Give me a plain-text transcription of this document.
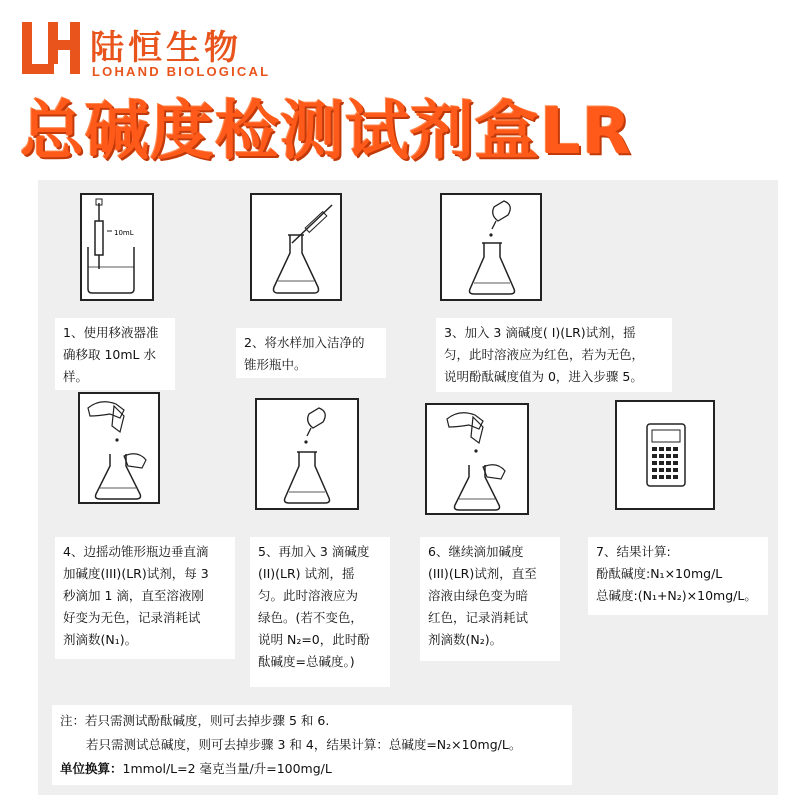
陆恒生物
LOHAND BIOLOGICAL
总碱度检测试剂盒LR
10mL
1、使用移液器准
确移取 10mL 水
样。
2、将水样加入洁净的
锥形瓶中。
3、加入 3 滴碱度( Ⅰ)(LR)试剂，摇
匀，此时溶液应为红色，若为无色，
说明酚酞碱度值为 0，进入步骤 5。
4、边摇动锥形瓶边垂直滴
加碱度(III)(LR)试剂，每 3
秒滴加 1 滴，直至溶液刚
好变为无色，记录消耗试
剂滴数(N₁)。
5、再加入 3 滴碱度
(II)(LR) 试剂，摇
匀。此时溶液应为
绿色。(若不变色，
说明 N₂=0，此时酚
酞碱度=总碱度。)
6、继续滴加碱度
(III)(LR)试剂，直至
溶液由绿色变为暗
红色，记录消耗试
剂滴数(N₂)。
7、结果计算:
酚酞碱度:N₁×10mg/L
总碱度:(N₁+N₂)×10mg/L。
注：若只需测试酚酞碱度，则可去掉步骤 5 和 6.
若只需测试总碱度，则可去掉步骤 3 和 4，结果计算：总碱度=N₂×10mg/L。
单位换算：1mmol/L=2 毫克当量/升=100mg/L
